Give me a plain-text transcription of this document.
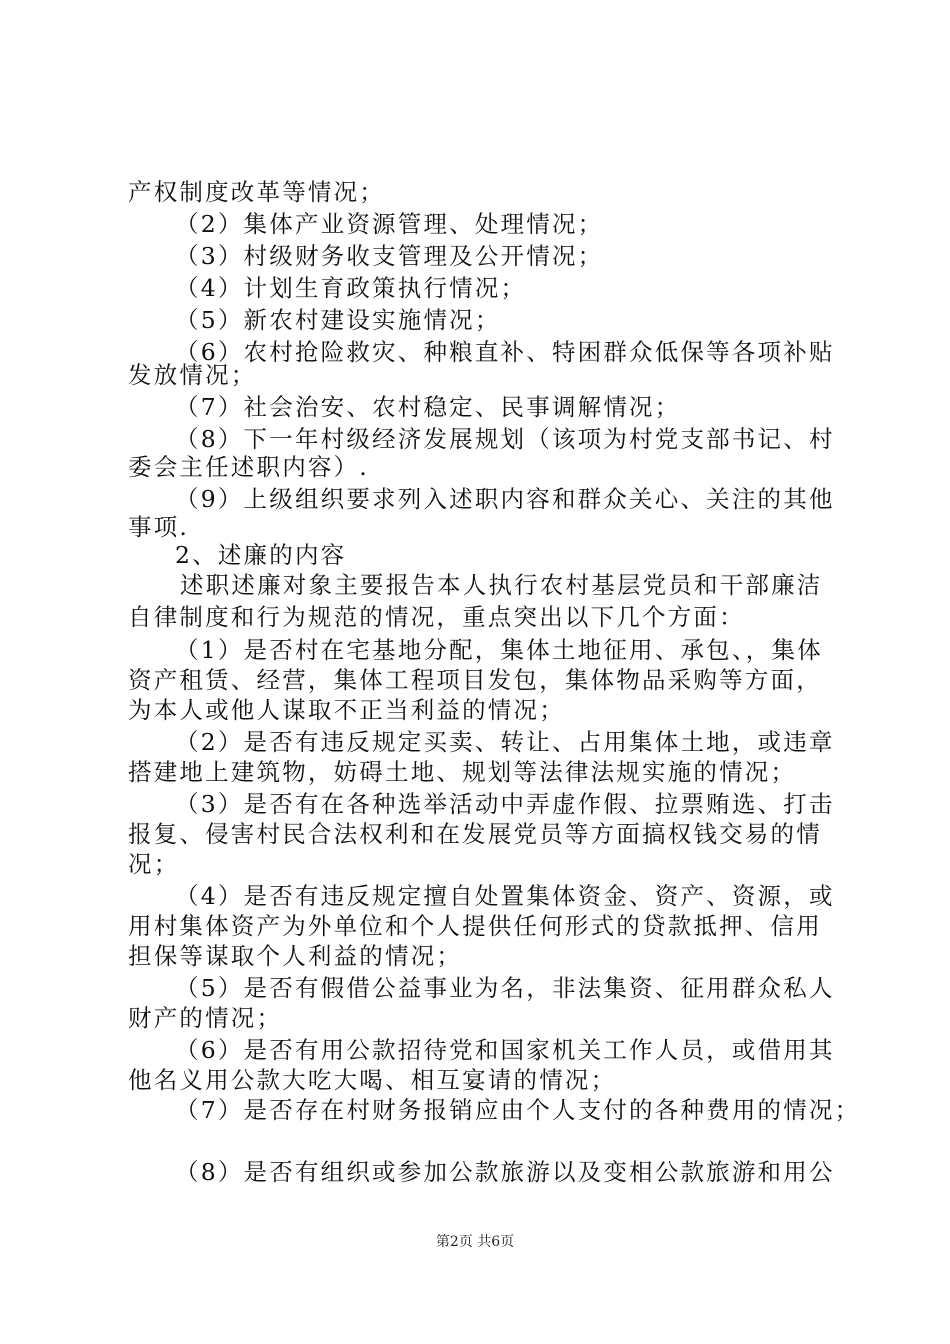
产权制度改革等情况；
（2）集体产业资源管理、处理情况；
（3）村级财务收支管理及公开情况；
（4）计划生育政策执行情况；
（5）新农村建设实施情况；
（6）农村抢险救灾、种粮直补、特困群众低保等各项补贴
发放情况；
（7）社会治安、农村稳定、民事调解情况；
（8）下一年村级经济发展规划（该项为村党支部书记、村
委会主任述职内容）.
（9）上级组织要求列入述职内容和群众关心、关注的其他
事项.
2、述廉的内容
述职述廉对象主要报告本人执行农村基层党员和干部廉洁
自律制度和行为规范的情况，重点突出以下几个方面：
（1）是否村在宅基地分配，集体土地征用、承包、，集体
资产租赁、经营，集体工程项目发包，集体物品采购等方面，
为本人或他人谋取不正当利益的情况；
（2）是否有违反规定买卖、转让、占用集体土地，或违章
搭建地上建筑物，妨碍土地、规划等法律法规实施的情况；
（3）是否有在各种选举活动中弄虚作假、拉票贿选、打击
报复、侵害村民合法权利和在发展党员等方面搞权钱交易的情
况；
（4）是否有违反规定擅自处置集体资金、资产、资源，或
用村集体资产为外单位和个人提供任何形式的贷款抵押、信用
担保等谋取个人利益的情况；
（5）是否有假借公益事业为名，非法集资、征用群众私人
财产的情况；
（6）是否有用公款招待党和国家机关工作人员，或借用其
他名义用公款大吃大喝、相互宴请的情况；
（7）是否存在村财务报销应由个人支付的各种费用的情况；
（8）是否有组织或参加公款旅游以及变相公款旅游和用公
第2页 共6页
